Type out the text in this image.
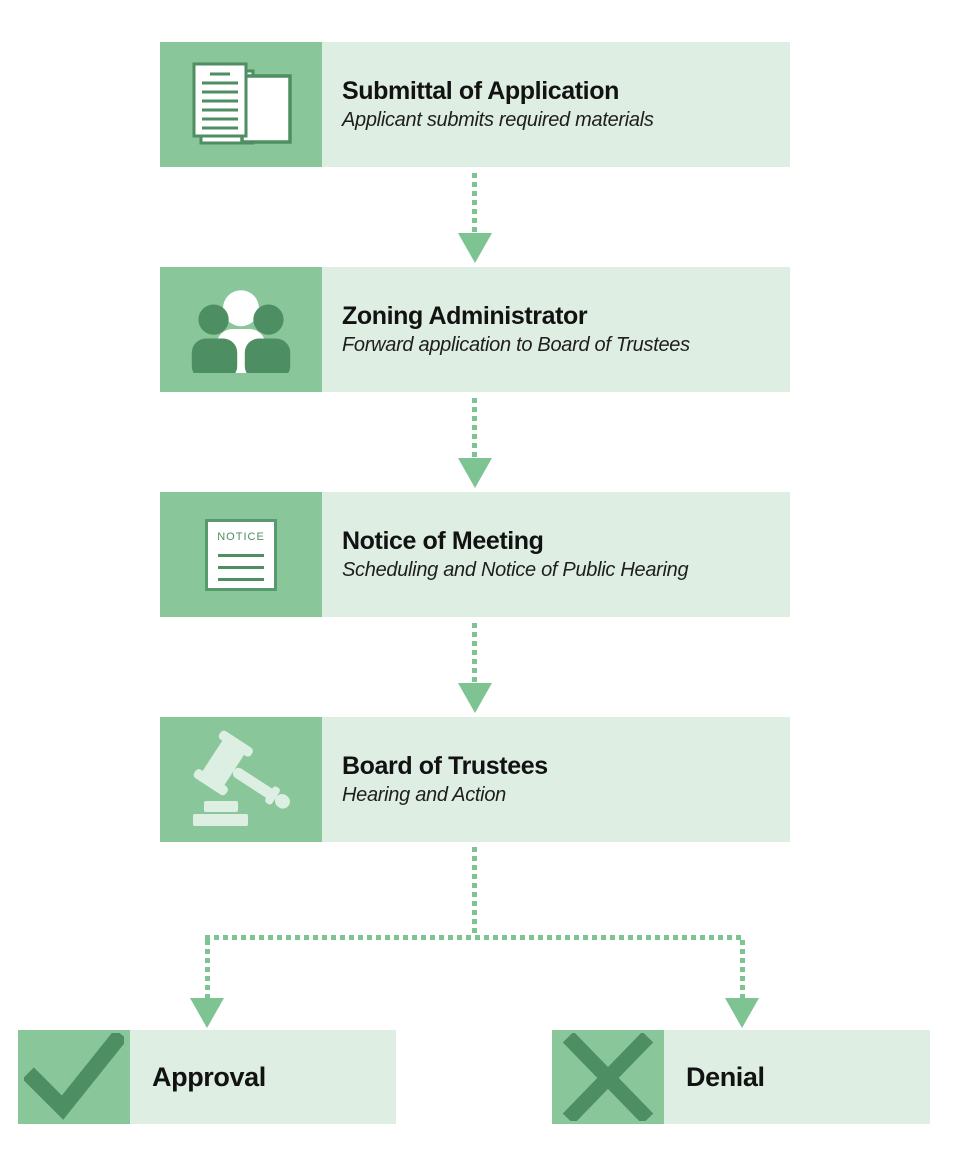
Submittal of Application
Applicant submits required materials
Zoning Administrator
Forward application to Board of Trustees
NOTICE	Notice of Meeting
Scheduling and Notice of Public Hearing
Board of Trustees
Hearing and Action
Approval	Denial
